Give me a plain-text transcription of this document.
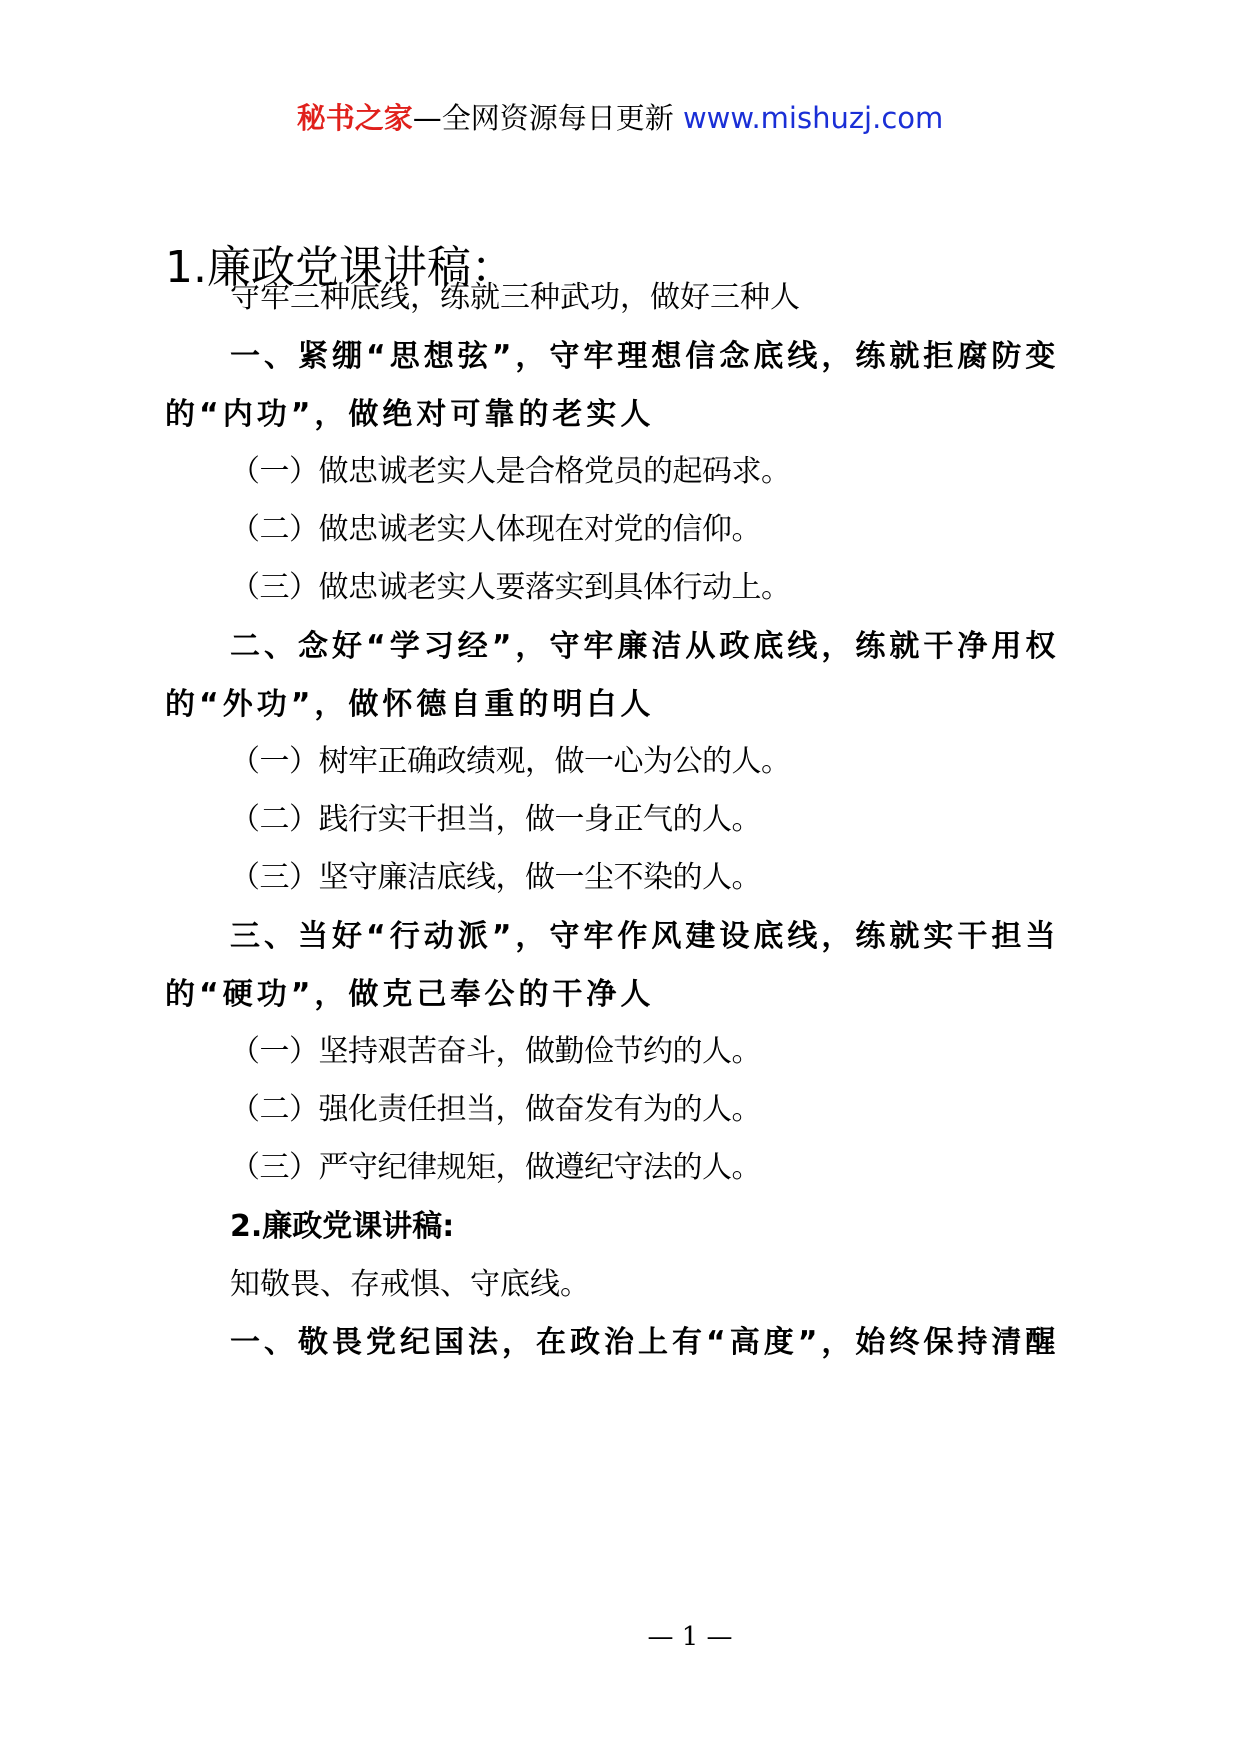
秘书之家—全网资源每日更新 www.mishuzj.com
1.廉政党课讲稿：
守牢三种底线，练就三种武功，做好三种人
一、紧绷“思想弦”，守牢理想信念底线，练就拒腐防变
的“内功”，做绝对可靠的老实人
（一）做忠诚老实人是合格党员的起码求。
（二）做忠诚老实人体现在对党的信仰。
（三）做忠诚老实人要落实到具体行动上。
二、念好“学习经”，守牢廉洁从政底线，练就干净用权
的“外功”，做怀德自重的明白人
（一）树牢正确政绩观，做一心为公的人。
（二）践行实干担当，做一身正气的人。
（三）坚守廉洁底线，做一尘不染的人。
三、当好“行动派”，守牢作风建设底线，练就实干担当
的“硬功”，做克己奉公的干净人
（一）坚持艰苦奋斗，做勤俭节约的人。
（二）强化责任担当，做奋发有为的人。
（三）严守纪律规矩，做遵纪守法的人。
2.廉政党课讲稿:
知敬畏、存戒惧、守底线。
一、敬畏党纪国法，在政治上有“高度”，始终保持清醒
— 1 —
